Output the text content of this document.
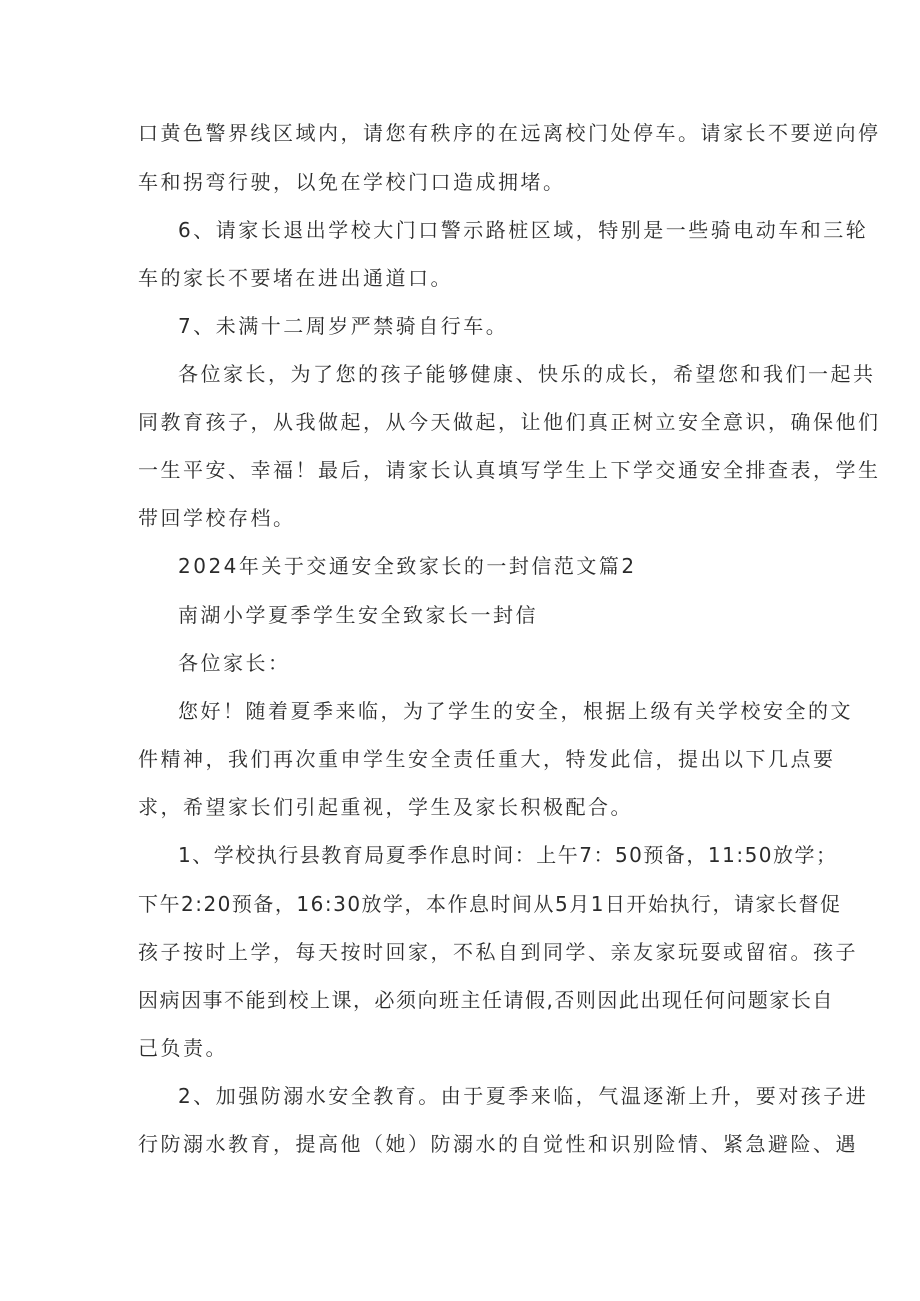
口黄色警界线区域内，请您有秩序的在远离校门处停车。请家长不要逆向停
车和拐弯行驶，以免在学校门口造成拥堵。
6、请家长退出学校大门口警示路桩区域，特别是一些骑电动车和三轮
车的家长不要堵在进出通道口。
7、未满十二周岁严禁骑自行车。
各位家长，为了您的孩子能够健康、快乐的成长，希望您和我们一起共
同教育孩子，从我做起，从今天做起，让他们真正树立安全意识，确保他们
一生平安、幸福！最后，请家长认真填写学生上下学交通安全排查表，学生
带回学校存档。
2024年关于交通安全致家长的一封信范文篇2
南湖小学夏季学生安全致家长一封信
各位家长：
您好！随着夏季来临，为了学生的安全，根据上级有关学校安全的文
件精神，我们再次重申学生安全责任重大，特发此信，提出以下几点要
求，希望家长们引起重视，学生及家长积极配合。
1、学校执行县教育局夏季作息时间：上午7：50预备，11:50放学；
下午2:20预备，16:30放学，本作息时间从5月1日开始执行，请家长督促
孩子按时上学，每天按时回家，不私自到同学、亲友家玩耍或留宿。孩子
因病因事不能到校上课，必须向班主任请假,否则因此出现任何问题家长自
己负责。
2、加强防溺水安全教育。由于夏季来临，气温逐渐上升，要对孩子进
行防溺水教育，提高他（她）防溺水的自觉性和识别险情、紧急避险、遇
